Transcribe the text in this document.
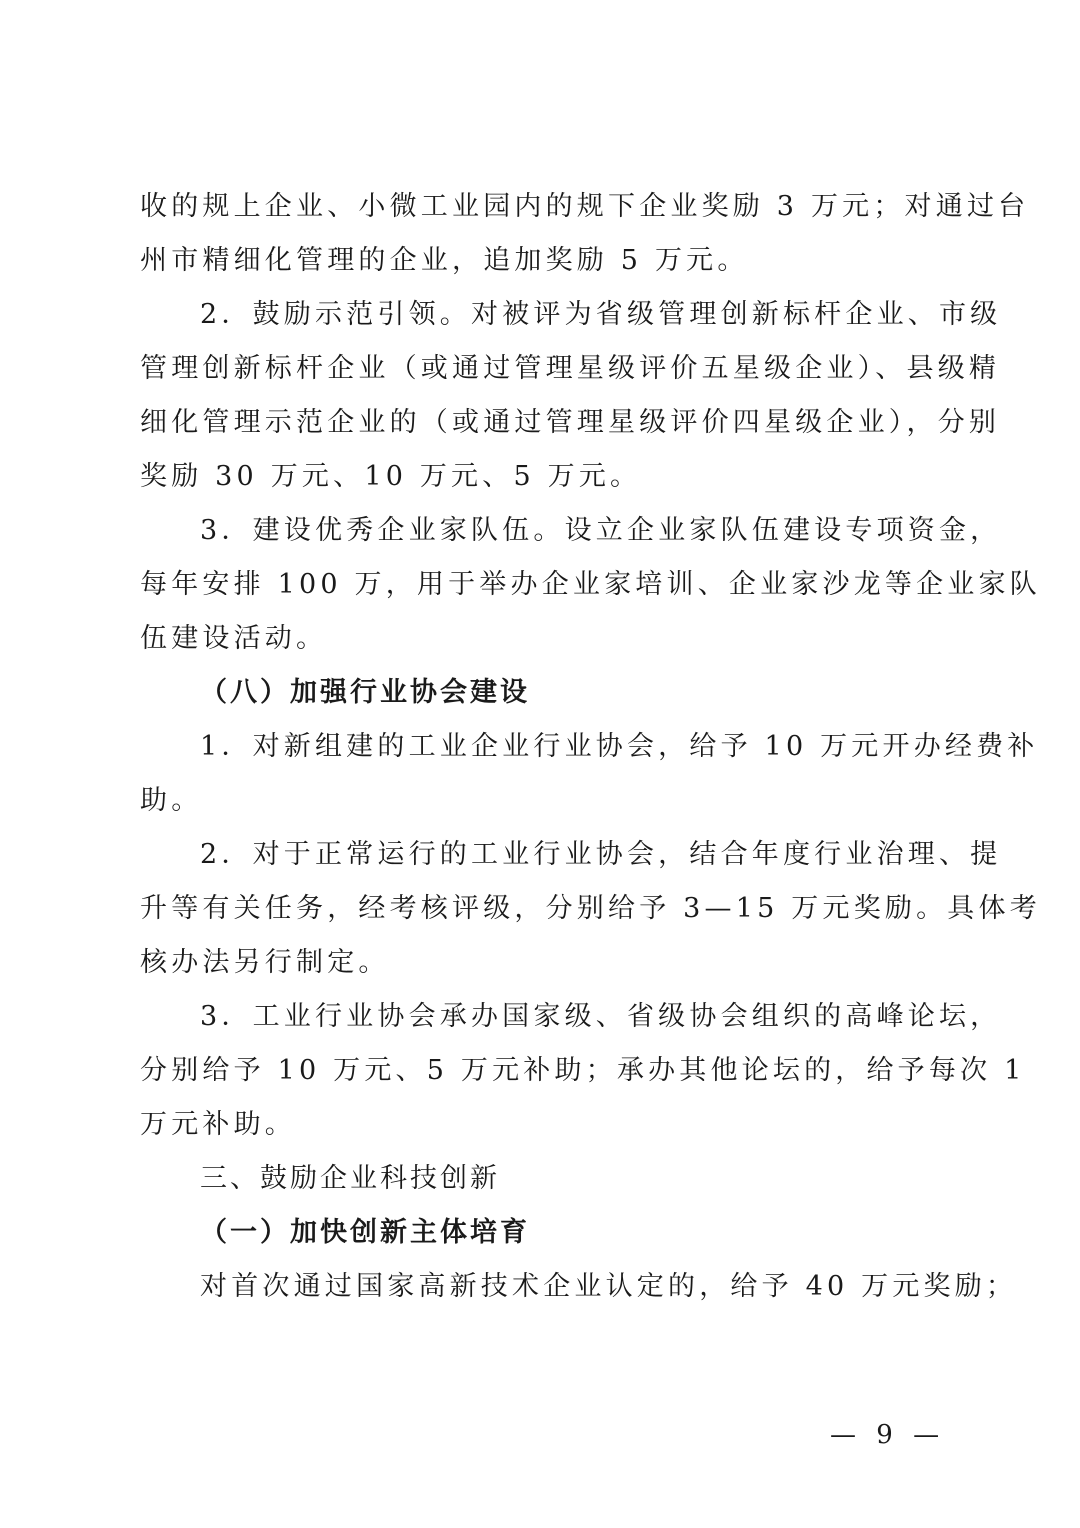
收的规上企业、小微工业园内的规下企业奖励 3 万元；对通过台
州市精细化管理的企业，追加奖励 5 万元。
2．鼓励示范引领。对被评为省级管理创新标杆企业、市级
管理创新标杆企业（或通过管理星级评价五星级企业）、县级精
细化管理示范企业的（或通过管理星级评价四星级企业），分别
奖励 30 万元、10 万元、5 万元。
3．建设优秀企业家队伍。设立企业家队伍建设专项资金，
每年安排 100 万，用于举办企业家培训、企业家沙龙等企业家队
伍建设活动。
（八）加强行业协会建设
1．对新组建的工业企业行业协会，给予 10 万元开办经费补
助。
2．对于正常运行的工业行业协会，结合年度行业治理、提
升等有关任务，经考核评级，分别给予 3—15 万元奖励。具体考
核办法另行制定。
3．工业行业协会承办国家级、省级协会组织的高峰论坛，
分别给予 10 万元、5 万元补助；承办其他论坛的，给予每次 1
万元补助。
三、鼓励企业科技创新
（一）加快创新主体培育
对首次通过国家高新技术企业认定的，给予 40 万元奖励；
— 9 —
